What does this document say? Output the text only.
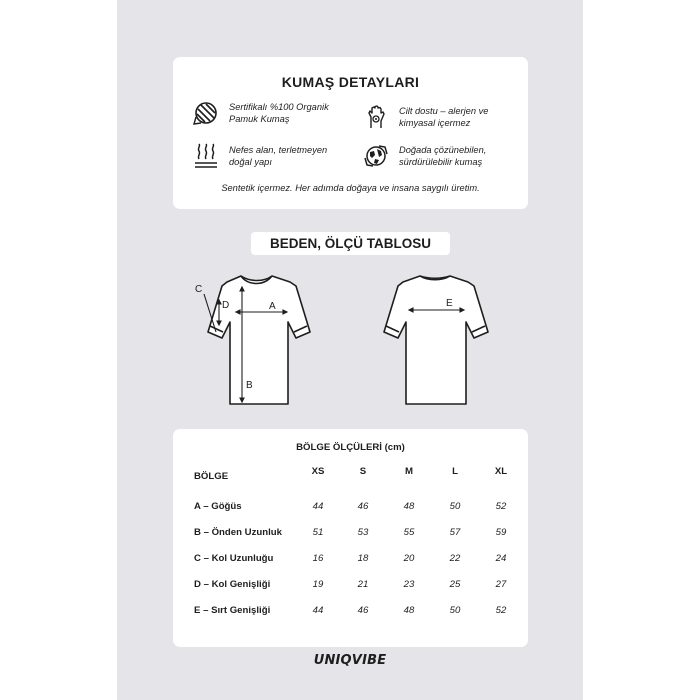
KUMAŞ DETAYLARI
Sertifikalı %100 Organik Pamuk Kumaş
Cilt dostu – alerjen ve kimyasal içermez
Nefes alan, terletmeyen doğal yapı
Doğada çözünebilen, sürdürülebilir kumaş
Sentetik içermez. Her adımda doğaya ve insana saygılı üretim.
BEDEN, ÖLÇÜ TABLOSU
A
B
C
D	E
BÖLGE ÖLÇÜLERİ (cm)
BÖLGE	XS	S	M	L	XL
A – Göğüs	44	46	48	50	52
B – Önden Uzunluk	51	53	55	57	59
C – Kol Uzunluğu	16	18	20	22	24
D – Kol Genişliği	19	21	23	25	27
E – Sırt Genişliği	44	46	48	50	52
UNIQVIBE
